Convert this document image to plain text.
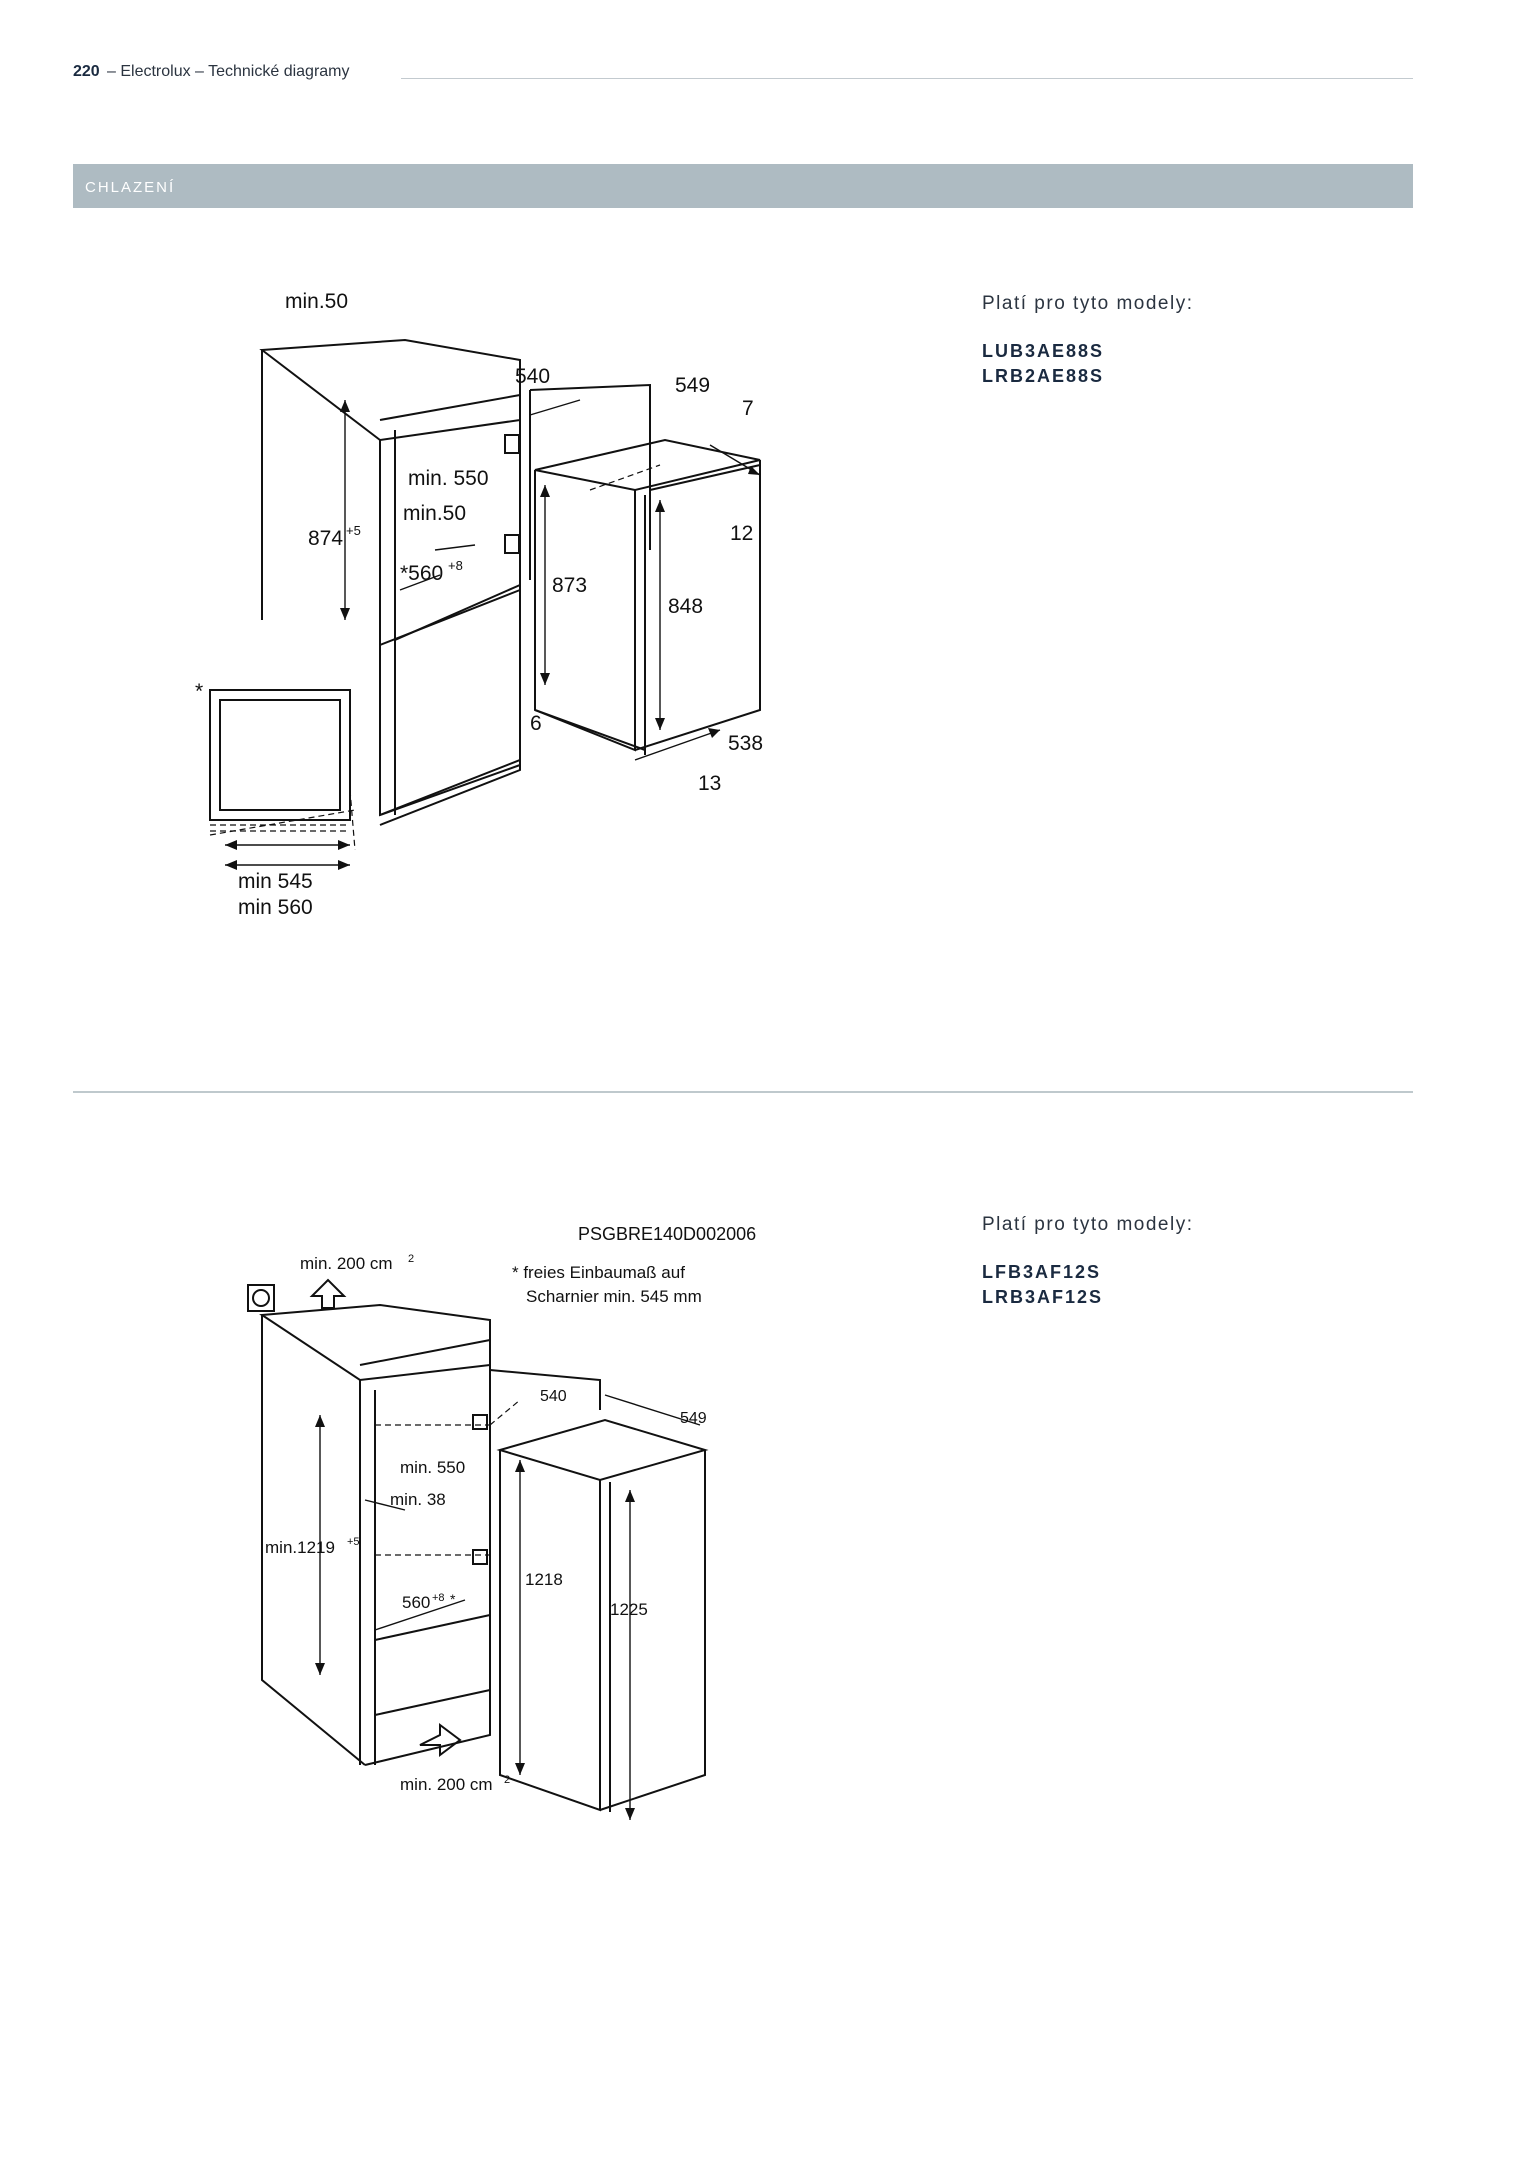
220 – Electrolux – Technické diagramy
CHLAZENÍ
min.50
540	549
7
min. 550
min.50
874 +5
*560 +8
873
848
12
6
538
13
*
min 545
min 560
Platí pro tyto modely:
LUB3AE88S
LRB2AE88S
PSGBRE140D002006
min. 200 cm 2
* freies Einbaumaß auf
Scharnier min. 545 mm
540
549
min. 550
min. 38
min.1219 +5
560 +8 *
1218
1225
min. 200 cm 2
Platí pro tyto modely:
LFB3AF12S
LRB3AF12S
